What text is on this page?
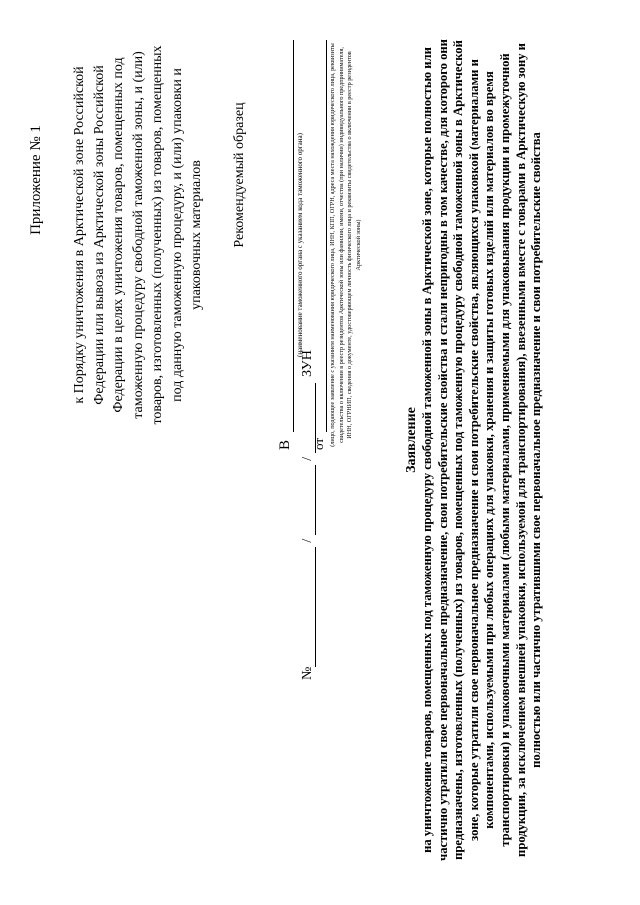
Приложение № 1 к Порядку уничтожения в Арктической зоне Российской Федерации или вывоза из Арктической зоны Российской Федерации в целях уничтожения товаров, помещенных под таможенную процедуру свободной таможенной зоны, и (или) товаров, изготовленных (полученных) из товаров, помещенных под данную таможенную процедуру, и (или) упаковки и упаковочных материалов Рекомендуемый образец
В
(наименование таможенного органа с указанием кода таможенного органа)
от (лицо, подающее заявление с указанием наименования юридического лица, ИНН, КПП, ОГРН, адреса места нахождения юридического лица, реквизиты свидетельства о включении в реестр резидентов Арктической зоны или фамилии, имени, отчества (при наличии) индивидуального предпринимателя, ИНН, ОГРНИП, сведения о документе, удостоверяющем личность физического лица и реквизиты свидетельства о включении в реестр резидентов Арктической зоны)
№
/
/
ЗУН
Заявление на уничтожение товаров, помещенных под таможенную процедуру свободной таможенной зоны в Арктической зоне, которые полностью или частично утратили свое первоначальное предназначение, свои потребительские свойства и стали непригодны в том качестве, для которого они предназначены, изготовленных (полученных) из товаров, помещенных под таможенную процедуру свободной таможенной зоны в Арктической зоне, которые утратили свое первоначальное предназначение и свои потребительские свойства, являющихся упаковкой (материалами и компонентами, используемыми при любых операциях для упаковки, хранения и защиты готовых изделий или материалов во время транспортировки) и упаковочными материалами (любыми материалами, применяемыми для упаковывания продукции и промежуточной продукции, за исключением внешней упаковки, используемой для транспортирования), ввезенными вместе с товарами в Арктическую зону и полностью или частично утратившими свое первоначальное предназначение и свои потребительские свойства
